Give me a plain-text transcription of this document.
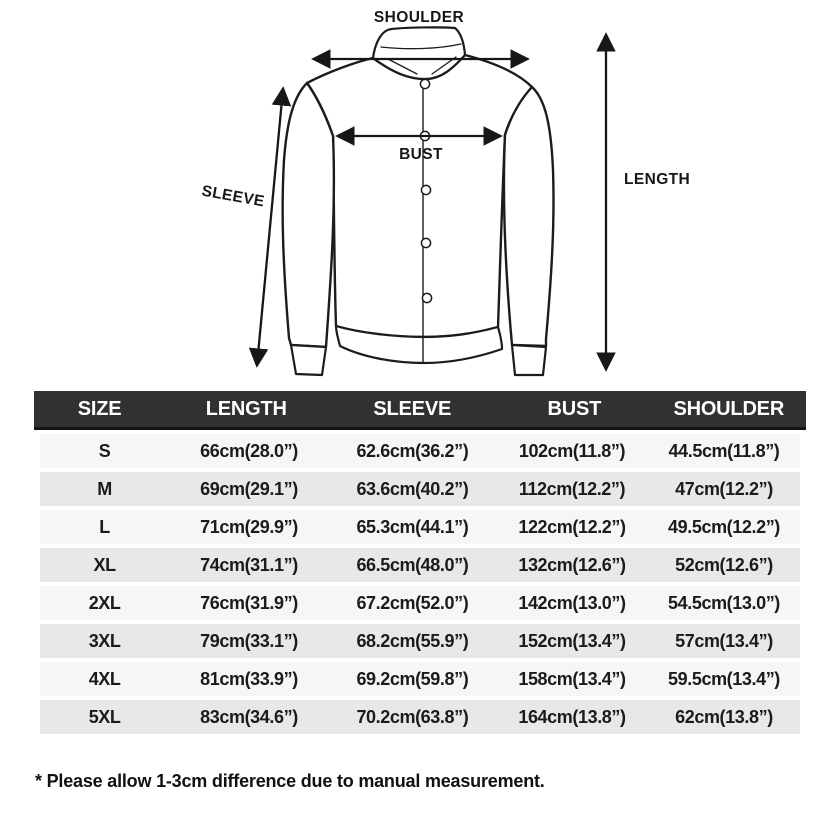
SHOULDER
BUST
SLEEVE
LENGTH
SIZE	LENGTH	SLEEVE	BUST	SHOULDER
S	66cm(28.0”)	62.6cm(36.2”)	102cm(11.8”)	44.5cm(11.8”)
M	69cm(29.1”)	63.6cm(40.2”)	112cm(12.2”)	47cm(12.2”)
L	71cm(29.9”)	65.3cm(44.1”)	122cm(12.2”)	49.5cm(12.2”)
XL	74cm(31.1”)	66.5cm(48.0”)	132cm(12.6”)	52cm(12.6”)
2XL	76cm(31.9”)	67.2cm(52.0”)	142cm(13.0”)	54.5cm(13.0”)
3XL	79cm(33.1”)	68.2cm(55.9”)	152cm(13.4”)	57cm(13.4”)
4XL	81cm(33.9”)	69.2cm(59.8”)	158cm(13.4”)	59.5cm(13.4”)
5XL	83cm(34.6”)	70.2cm(63.8”)	164cm(13.8”)	62cm(13.8”)
* Please allow 1-3cm difference due to manual measurement.
